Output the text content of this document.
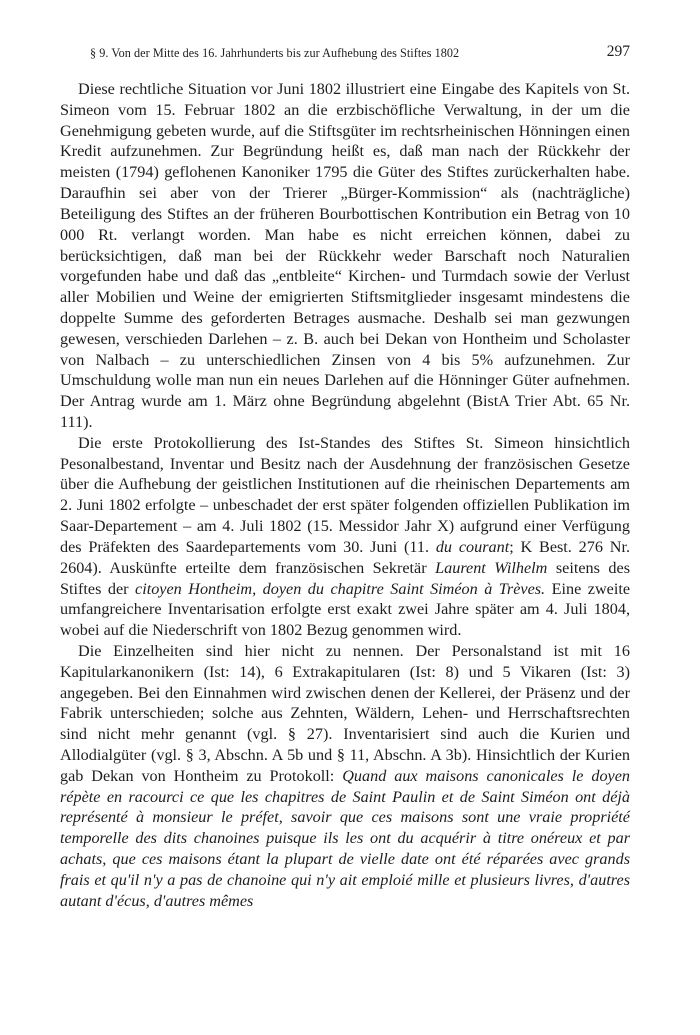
§ 9. Von der Mitte des 16. Jahrhunderts bis zur Aufhebung des Stiftes 1802	297

Diese rechtliche Situation vor Juni 1802 illustriert eine Eingabe des Kapitels von St. Simeon vom 15. Februar 1802 an die erzbischöfliche Verwaltung, in der um die Genehmigung gebeten wurde, auf die Stiftsgüter im rechtsrheinischen Hönningen einen Kredit aufzunehmen. Zur Begründung heißt es, daß man nach der Rückkehr der meisten (1794) geflohenen Kanoniker 1795 die Güter des Stiftes zurückerhalten habe. Daraufhin sei aber von der Trierer „Bürger-Kommission“ als (nachträgliche) Beteiligung des Stiftes an der früheren Bourbottischen Kontribution ein Betrag von 10 000 Rt. verlangt worden. Man habe es nicht erreichen können, dabei zu berücksichtigen, daß man bei der Rückkehr weder Barschaft noch Naturalien vorgefunden habe und daß das „entbleite“ Kirchen- und Turmdach sowie der Verlust aller Mobilien und Weine der emigrierten Stiftsmitglieder insgesamt mindestens die doppelte Summe des geforderten Betrages ausmache. Deshalb sei man gezwungen gewesen, verschieden Darlehen – z. B. auch bei Dekan von Hontheim und Scholaster von Nalbach – zu unterschiedlichen Zinsen von 4 bis 5% aufzunehmen. Zur Umschuldung wolle man nun ein neues Darlehen auf die Hönninger Güter aufnehmen. Der Antrag wurde am 1. März ohne Begründung abgelehnt (BistA Trier Abt. 65 Nr. 111).

Die erste Protokollierung des Ist-Standes des Stiftes St. Simeon hinsichtlich Pesonalbestand, Inventar und Besitz nach der Ausdehnung der französischen Gesetze über die Aufhebung der geistlichen Institutionen auf die rheinischen Departements am 2. Juni 1802 erfolgte – unbeschadet der erst später folgenden offiziellen Publikation im Saar-Departement – am 4. Juli 1802 (15. Messidor Jahr X) aufgrund einer Verfügung des Präfekten des Saardepartements vom 30. Juni (11. du courant; K Best. 276 Nr. 2604). Auskünfte erteilte dem französischen Sekretär Laurent Wilhelm seitens des Stiftes der citoyen Hontheim, doyen du chapitre Saint Siméon à Trèves. Eine zweite umfangreichere Inventarisation erfolgte erst exakt zwei Jahre später am 4. Juli 1804, wobei auf die Niederschrift von 1802 Bezug genommen wird.

Die Einzelheiten sind hier nicht zu nennen. Der Personalstand ist mit 16 Kapitularkanonikern (Ist: 14), 6 Extrakapitularen (Ist: 8) und 5 Vikaren (Ist: 3) angegeben. Bei den Einnahmen wird zwischen denen der Kellerei, der Präsenz und der Fabrik unterschieden; solche aus Zehnten, Wäldern, Lehen- und Herrschaftsrechten sind nicht mehr genannt (vgl. § 27). Inventarisiert sind auch die Kurien und Allodialgüter (vgl. § 3, Abschn. A 5b und § 11, Abschn. A 3b). Hinsichtlich der Kurien gab Dekan von Hontheim zu Protokoll: Quand aux maisons canonicales le doyen répète en racourci ce que les chapitres de Saint Paulin et de Saint Siméon ont déjà représenté à monsieur le préfet, savoir que ces maisons sont une vraie propriété temporelle des dits chanoines puisque ils les ont du acquérir à titre onéreux et par achats, que ces maisons étant la plupart de vielle date ont été réparées avec grands frais et qu'il n'y a pas de chanoine qui n'y ait emploié mille et plusieurs livres, d'autres autant d'écus, d'autres mêmes
